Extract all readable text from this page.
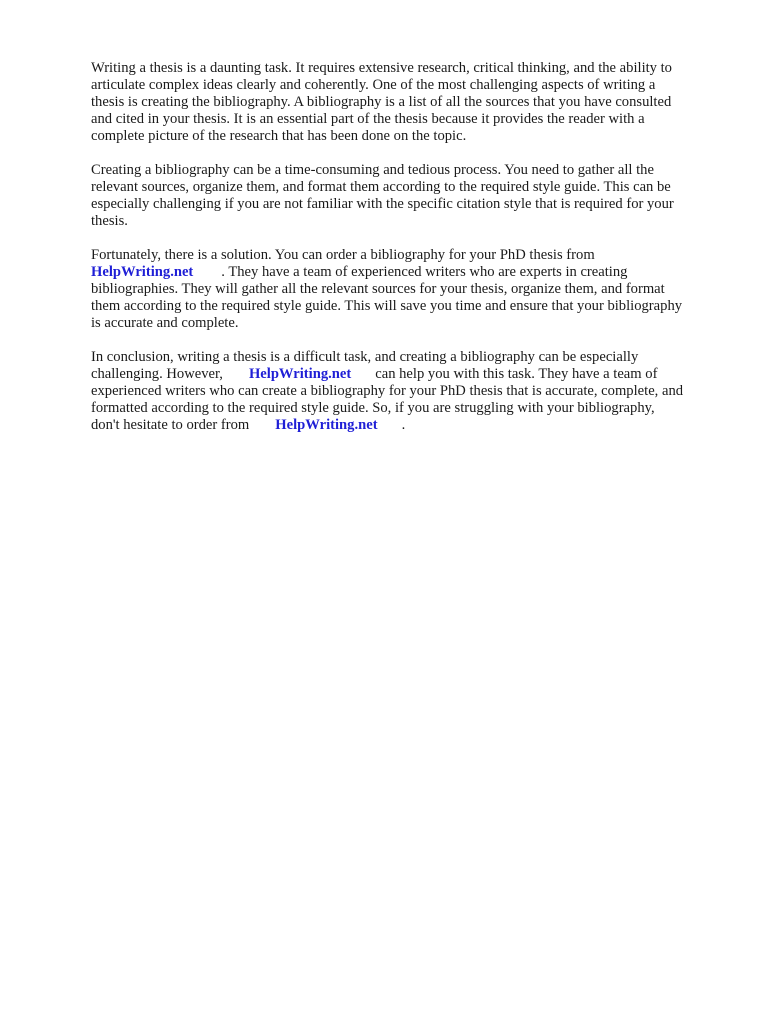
Writing a thesis is a daunting task. It requires extensive research, critical thinking, and the ability to
articulate complex ideas clearly and coherently. One of the most challenging aspects of writing a
thesis is creating the bibliography. A bibliography is a list of all the sources that you have consulted
and cited in your thesis. It is an essential part of the thesis because it provides the reader with a
complete picture of the research that has been done on the topic.
Creating a bibliography can be a time-consuming and tedious process. You need to gather all the
relevant sources, organize them, and format them according to the required style guide. This can be
especially challenging if you are not familiar with the specific citation style that is required for your
thesis.
Fortunately, there is a solution. You can order a bibliography for your PhD thesis from
HelpWriting.net . They have a team of experienced writers who are experts in creating
bibliographies. They will gather all the relevant sources for your thesis, organize them, and format
them according to the required style guide. This will save you time and ensure that your bibliography
is accurate and complete.
In conclusion, writing a thesis is a difficult task, and creating a bibliography can be especially
challenging. However, HelpWriting.net can help you with this task. They have a team of
experienced writers who can create a bibliography for your PhD thesis that is accurate, complete, and
formatted according to the required style guide. So, if you are struggling with your bibliography,
don't hesitate to order from HelpWriting.net .
